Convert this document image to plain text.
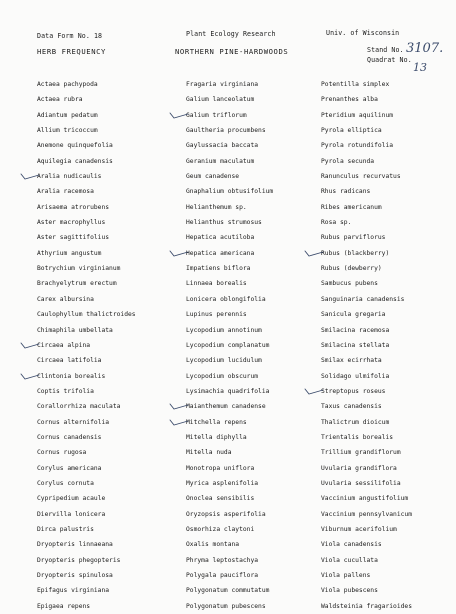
Data Form No. 18	Plant Ecology Research	Univ. of Wisconsin
HERB FREQUENCY	NORTHERN PINE-HARDWOODS	Stand No. 3107.
Quadrat No.
13
Actaea pachypoda
Actaea rubra
Adiantum pedatum
Allium tricoccum
Anemone quinquefolia
Aquilegia canadensis
Aralia nudicaulis
Aralia racemosa
Arisaema atrorubens
Aster macrophyllus
Aster sagittifolius
Athyrium angustum
Botrychium virginianum
Brachyelytrum erectum
Carex albursina
Caulophyllum thalictroides
Chimaphila umbellata
Circaea alpina
Circaea latifolia
Clintonia borealis
Coptis trifolia
Corallorrhiza maculata
Cornus alternifolia
Cornus canadensis
Cornus rugosa
Corylus americana
Corylus cornuta
Cypripedium acaule
Diervilla lonicera
Dirca palustris
Dryopteris linnaeana
Dryopteris phegopteris
Dryopteris spinulosa
Epifagus virginiana
Epigaea repens
Fragaria virginiana
Galium lanceolatum
Galium triflorum
Gaultheria procumbens
Gaylussacia baccata
Geranium maculatum
Geum canadense
Gnaphalium obtusifolium
Helianthemum sp.
Helianthus strumosus
Hepatica acutiloba
Hepatica americana
Impatiens biflora
Linnaea borealis
Lonicera oblongifolia
Lupinus perennis
Lycopodium annotinum
Lycopodium complanatum
Lycopodium lucidulum
Lycopodium obscurum
Lysimachia quadrifolia
Maianthemum canadense
Mitchella repens
Mitella diphylla
Mitella nuda
Monotropa uniflora
Myrica asplenifolia
Onoclea sensibilis
Oryzopsis asperifolia
Osmorhiza claytoni
Oxalis montana
Phryma leptostachya
Polygala pauciflora
Polygonatum commutatum
Polygonatum pubescens
Potentilla simplex
Prenanthes alba
Pteridium aquilinum
Pyrola elliptica
Pyrola rotundifolia
Pyrola secunda
Ranunculus recurvatus
Rhus radicans
Ribes americanum
Rosa sp.
Rubus parviflorus
Rubus (blackberry)
Rubus (dewberry)
Sambucus pubens
Sanguinaria canadensis
Sanicula gregaria
Smilacina racemosa
Smilacina stellata
Smilax ecirrhata
Solidago ulmifolia
Streptopus roseus
Taxus canadensis
Thalictrum dioicum
Trientalis borealis
Trillium grandiflorum
Uvularia grandiflora
Uvularia sessilifolia
Vaccinium angustifolium
Vaccinium pennsylvanicum
Viburnum acerifolium
Viola canadensis
Viola cucullata
Viola pallens
Viola pubescens
Waldsteinia fragarioides
